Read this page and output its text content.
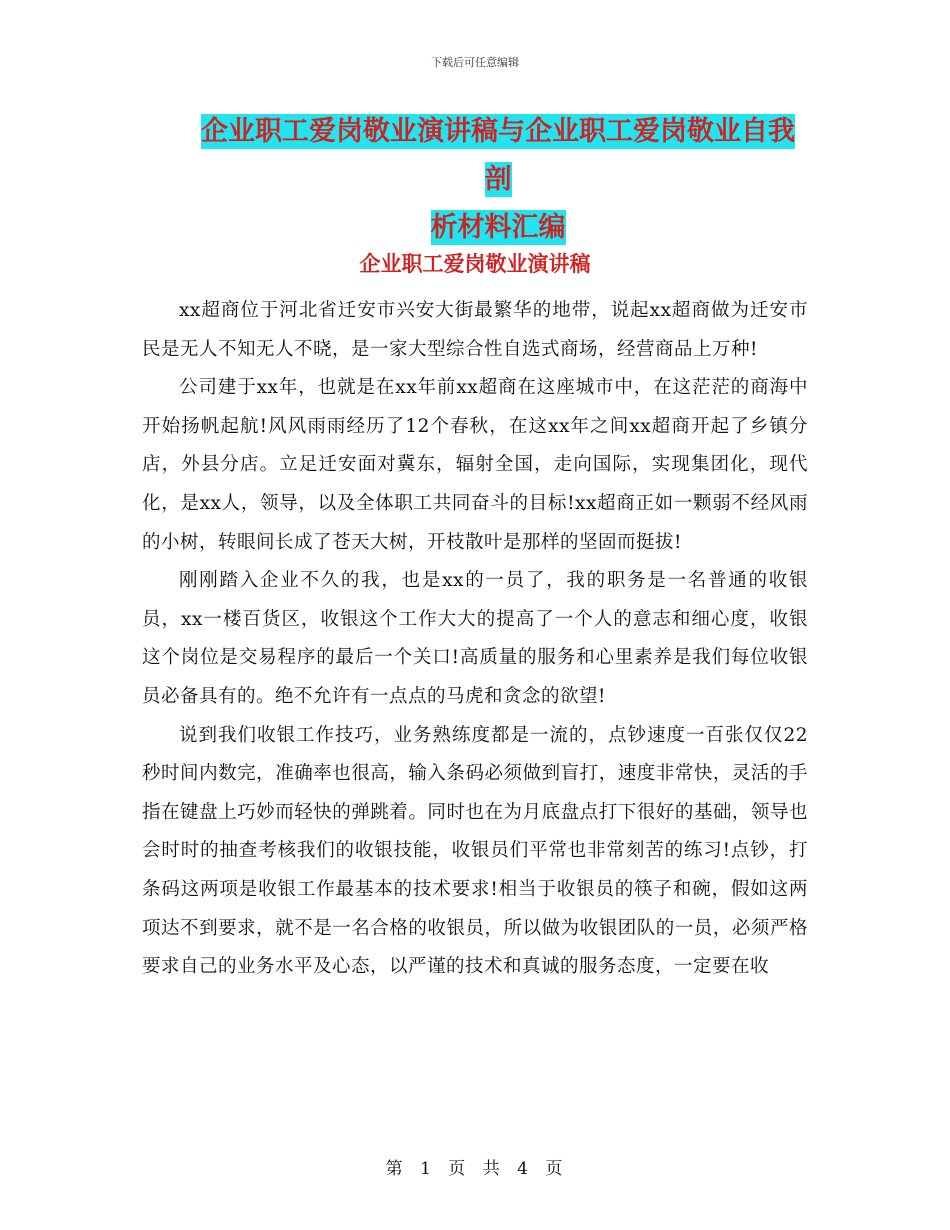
下载后可任意编辑
企业职工爱岗敬业演讲稿与企业职工爱岗敬业自我剖
析材料汇编
企业职工爱岗敬业演讲稿

xx超商位于河北省迁安市兴安大街最繁华的地带，说起xx超商做为迁安市民是无人不知无人不晓，是一家大型综合性自选式商场，经营商品上万种!

公司建于xx年，也就是在xx年前xx超商在这座城市中，在这茫茫的商海中开始扬帆起航!风风雨雨经历了12个春秋，在这xx年之间xx超商开起了乡镇分店，外县分店。立足迁安面对冀东，辐射全国，走向国际，实现集团化，现代化，是xx人，领导，以及全体职工共同奋斗的目标!xx超商正如一颗弱不经风雨的小树，转眼间长成了苍天大树，开枝散叶是那样的坚固而挺拔!

刚刚踏入企业不久的我，也是xx的一员了，我的职务是一名普通的收银员，xx一楼百货区，收银这个工作大大的提高了一个人的意志和细心度，收银这个岗位是交易程序的最后一个关口!高质量的服务和心里素养是我们每位收银员必备具有的。绝不允许有一点点的马虎和贪念的欲望!

说到我们收银工作技巧，业务熟练度都是一流的，点钞速度一百张仅仅22秒时间内数完，准确率也很高，输入条码必须做到盲打，速度非常快，灵活的手指在键盘上巧妙而轻快的弹跳着。同时也在为月底盘点打下很好的基础，领导也会时时的抽查考核我们的收银技能，收银员们平常也非常刻苦的练习!点钞，打条码这两项是收银工作最基本的技术要求!相当于收银员的筷子和碗，假如这两项达不到要求，就不是一名合格的收银员，所以做为收银团队的一员，必须严格要求自己的业务水平及心态，以严谨的技术和真诚的服务态度，一定要在收

第 1 页 共 4 页
